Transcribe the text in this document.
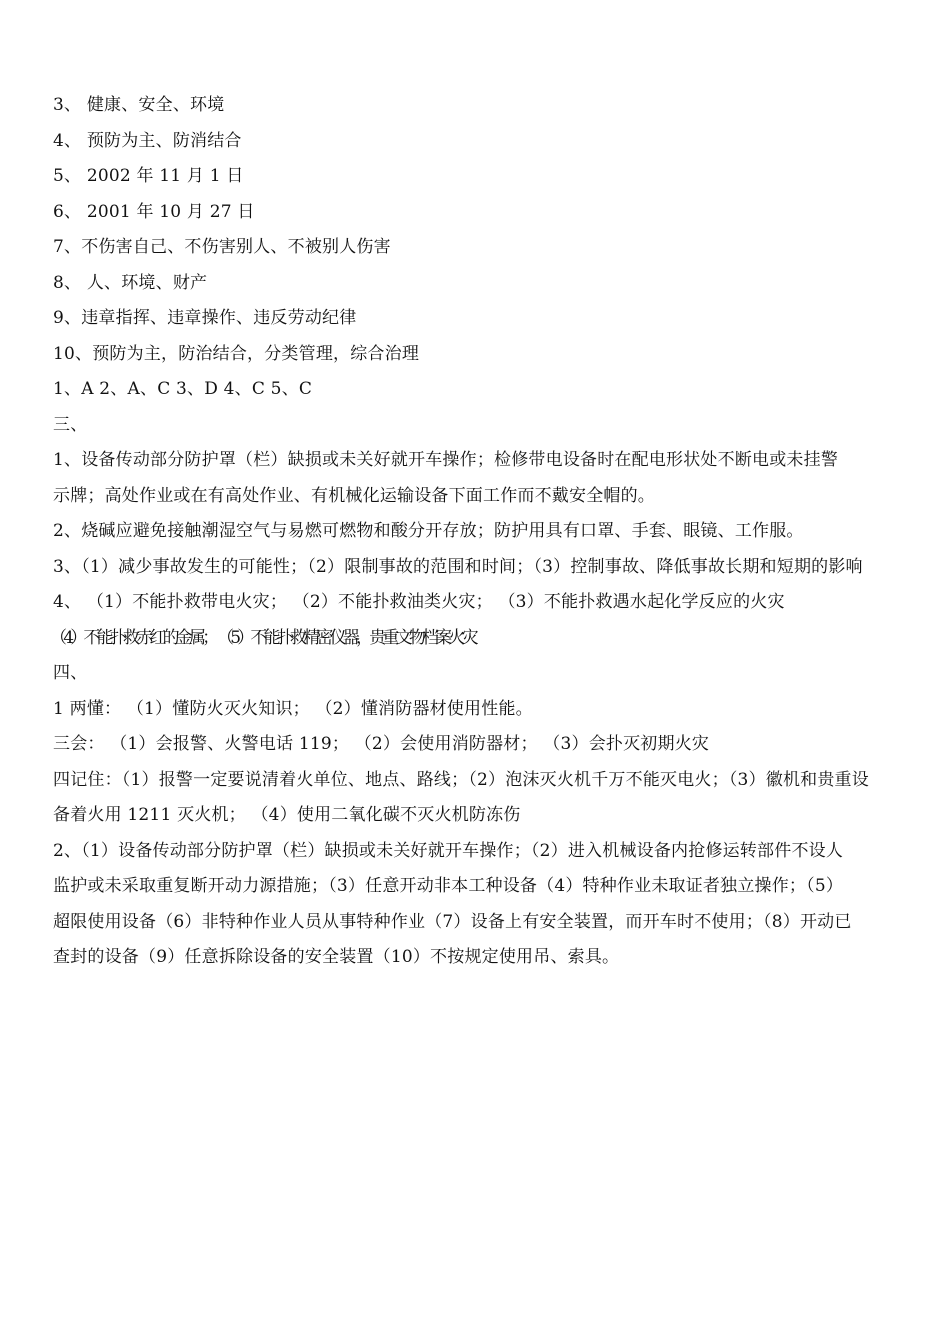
3、 健康、安全、环境
4、 预防为主、防消结合
5、 2002 年 11 月 1 日
6、 2001 年 10 月 27 日
7、不伤害自己、不伤害别人、不被别人伤害
8、 人、环境、财产
9、违章指挥、违章操作、违反劳动纪律
10、预防为主，防治结合，分类管理，综合治理
1、A 2、A、C 3、D 4、C 5、C
三、
1、设备传动部分防护罩（栏）缺损或未关好就开车操作；检修带电设备时在配电形状处不断电或未挂警
示牌；高处作业或在有高处作业、有机械化运输设备下面工作而不戴安全帽的。
2、烧碱应避免接触潮湿空气与易燃可燃物和酸分开存放；防护用具有口罩、手套、眼镜、工作服。
3、（1）减少事故发生的可能性；（2）限制事故的范围和时间；（3）控制事故、降低事故长期和短期的影响
4、 （1）不能扑救带电火灾； （2）不能扑救油类火灾； （3）不能扑救遇水起化学反应的火灾
（4）不能扑救赤红的金属； （5）不能扑救精密仪器，贵重文物档案火灾
四、
1 两懂： （1）懂防火灭火知识； （2）懂消防器材使用性能。
三会： （1）会报警、火警电话 119； （2）会使用消防器材； （3）会扑灭初期火灾
四记住：（1）报警一定要说清着火单位、地点、路线；（2）泡沫灭火机千万不能灭电火；（3）徽机和贵重设
备着火用 1211 灭火机； （4）使用二氧化碳不灭火机防冻伤
2、（1）设备传动部分防护罩（栏）缺损或未关好就开车操作；（2）进入机械设备内抢修运转部件不设人
监护或未采取重复断开动力源措施；（3）任意开动非本工种设备（4）特种作业未取证者独立操作；（5）
超限使用设备（6）非特种作业人员从事特种作业（7）设备上有安全装置，而开车时不使用；（8）开动已
查封的设备（9）任意拆除设备的安全装置（10）不按规定使用吊、索具。
